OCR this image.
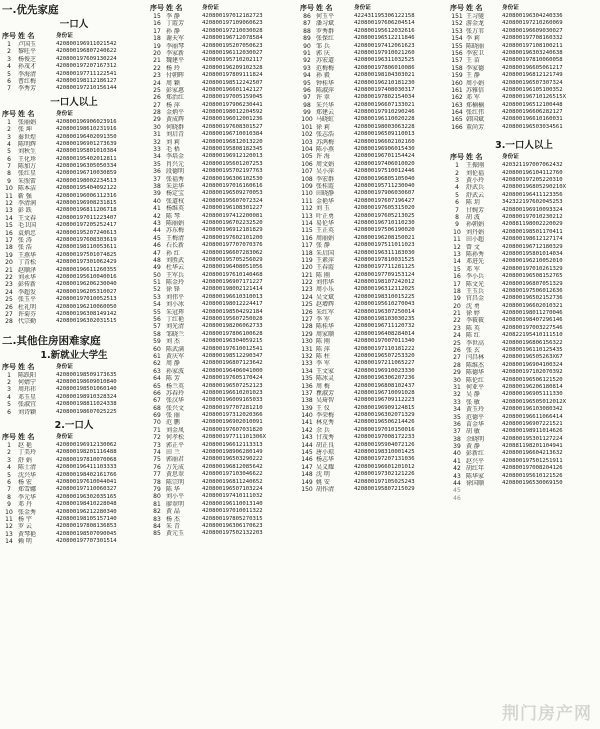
一.优先家庭
一口人
序号 姓 名	身份证
1	卢国玉	420800196911021542
2	黎旺平	420800196807240622
3	杨俊芝	420800197609130224
4	孙茂才	420800197207167312
5	李海清	420800197711122541
6	曹红梅	420800198112186127
7	李秀芳	420800197210156144
一口人以上
序号 姓 名	身份证
1	张丽娟	420800196906023916
2	张 坤	420800198610231916
3	秦世煌	420800196402091350
4	陈明辉	420800196901273639
5	刘秋生	420800195801010384
6	王化珍	420800195402012811
7	陈加万	420800196305050334
8	张红星	420800196710030859
9	朱照雷	420800198002234513
10 陈本洁	420800195404092122
11 靳 强	420800196006112316
12 李清润	420800196908231815
13 彭 跃	420800196811206718
14 王文春	420800197011223407
15 毛卫国	420800197205252417
16 袁炳忠	420800195207240613
17 张 涛	420800197608303619
18 张 浩	420800198110053611
19 王燕华	420800197501074825
20 丁青松	420800197301062429
21 赵顺泽	420800196611260355
22 刘永华	420800195610040016
23 彭传新	420800196206230040
24 李超发	420800196205310027
25 张玉平	420800197010052513
26 杜礼明	420800196210060050
27 许菊芬	420800196308149142
28 代宗勤	420800196302031515
二.其他住房困难家庭
1.新就业大学生
序号 姓 名	身份证
1	陈跃阳	420800198509173635
2	何婧宁	420800198609010840
3	周玮祎	420800198501060140
4	邓玉星	420800198910328324
5	张淑宜	420800198811024338
6	刘诗颖	420800198607025225
2.一口人
序号 姓 名	身份证
1	赵 艳	420800196912130062
2	丁美玲	420800198201116488
3	舒 娟	420800197810070068
4	陈士清	420800196411103333
5	沈兴华	420800198402161766
6	杨 宏	420800197610044041
7	郑雪娜	420800197110060327
8	李元华	420800196302035165
9	邓 丹	420800198410228048
10 张金秀	420800196212280340
11 杨 宇	420800198105157140
12 罗 云	420800197808136853
13 黄琴艳	420800198507090045
14 赖 明	420800197707301514
序号 姓 名	身份证
15 李 静	420800197012182723
16 丁霞芳	420800197109060623
17 孙 静	420800197210030028
18 谢天军	420800196712078584
19 李丽琴	420800195207050623
20 李家新	420800196112030027
21 魏建平	420800195710202117
22 杨 玲	420800196209102328
23 付朝晖	420800197809111824
24 周 颖	420800198512242507
25 彭家惠	420800196601142127
26 郑治红	420800197005159045
27 杨 萍	420800197906230441
28 金炳平	420800198012204592
29 黄成辉	420800196012001236
30 何晓群	420800197608301527
31 刘启青	420800196710010384
32 刘 莉	420800196812013220
33 毛 梧	420800195808182345
34 李培金	420800196912120013
35 肖兴元	420800195601207253
36 段德明	420800195702197763
37 张福秀	420800196306102530
38 朱运华	420800197016160616
39 杨定宝	420800196509270053
40 张道权	420800195607072324
41 杨维英	420800196108301227
42 陈 琴	420800197412200081
43 陈丽娟	420800196702232520
44 苏东梅	420800196912181829
45 王梅清	420800197602101200
46 石长新	420800197707070376
47 孙 红	420800196607283062
48 刘胜武	420800195705256029
49 杜华云	420800196408051056
50 王军兵	420800197610140468
51 陈金玲	420800196907171227
52 徐 锋	420800198002121414
53 刘伟平	420800196610310013
54 刘小冰	420800198012224417
55 朱冠珲	420800198504292184
56 丁红艳	420800195607250028
57 刘光清	420800198206062733
58 邹晓兰	420800197806100628
59 刘 杰	420800196304059215
60 陈武满	420800197610012541
61 黄庆军	420800198512290347
62 周 静	420800196807123642
63 孙家波	420800196406041000
64 陈 芳	420800197605170424
65 杨兰英	420800196507252123
66 苏春玲	420800196610201023
67 张汉华	420800196009165033
68 张兴文	420800197707281210
69 张 丽	420800197312020366
70 范 鹏	420800196902010091
71 刘金凤	420800197607031820
72 何孝松	420800197711101306X
73 郭正平	420800196612113313
74 田 兰	420800198906280149
75 郭丽君	420800196503290222
76 万先成	420800196812085642
77 黄思翠	420800197103046622
78 陈宗明	420800196811240652
79 陈 华	420800196507103224
80 刘小平	420800197410111032
81 廖翠明	420800196110013140
82 黄 晶	420800197010011322
83 杨 杰	420800197805270315
84 朱 青	420800196306170623
85 黄元玉	420800197502132203
序号 姓 名	身份证
86 何玉平	422431195306122158
87 潘习斌	420800197606204514
88 罗秀群	420800195612032616
89 张保红	420800196512211846
90 邹 兵	420800197412061623
91 郭 庆	420800197910021260
92 苏宏道	420800196311032525
93 范梅梅	420800197806010086
94 孙 毅	420800198104303021
95 钟桂华	420800196210181230
96 陈淑萍	420800197408030317
97 许 翠	420800197802154034
98 朱兴华	420800196607133021
99 郑建云	420800197910290246
100 马晓虹	420800196110020228
101 徐 莉	420800198003063228
102 张志浩	420800196509110013
103 苏鸿梅	420800196602102160
104 陈小燕	420800196906015430
105 许 海	420800196701154424
106 周文娟	420800197406010020
107 吴小萍	420800197510012446
108 李宏群	420800196805105040
109 张桂霞	420800195711230040
110 田晓静	420800197906030607
111 金艳华	420800197607196427
112 刘 玉	420800197605315020
113 叶正勇	420800197605213025
114 易伦华	420800196710110230
115 王正英	420800197506190020
116 周丽娟	420800196208150021
117 张 静	420800197511011023
118 朱启国	420800196311183030
119 王素萍	420800197810031525
120 王春霞	420800197711281125
121 陈 刚	420800197709153124
122 刘伟华	420800198107242012
123 周小乐	420800196312112025
124 吴文斌	420800198310015225
125 赵增辉	420800195610270043
126 朱红军	420800196307250014
127 李 军	420800198103030235
128 陈桂华	420800196711120732
129 周家顺	420800196408284014
130 陈 刚	420800197007011340
131 陈 萍	420800197110181222
132 陈 柱	420800196507253320
133 李 军	420800197211065227
134 王文家	420800196910023330
135 陈冰灵	420800196306207236
136 周 梅	420800196808102437
137 瞿淑芳	420800196710091028
138 吴琦智	420800196709112223
139 王 仪	420800196909124815
140 李荣梅	420800196302071329
141 林克秀	420800196506214426
142 余 兵	420800197010150016
143 甘茂秀	420800197008172233
144 胡正良	420800195904072126
145 唐小琼	420800198310001425
146 杨志华	420800197207131036
147 吴义耀	420800196601201012
148 沈 明	420800197302121226
149 姚 安	420800197105025243
150 胡作清	420800195807215029
序号 姓 名	身份证
151 王习驰	420800196304240336
152 游金龙	420800197210260069
153 张万苇	420800196609030027
154 李 莉	420800197708160332
155 陈晓丽	420800197108100211
156 李宏卫	420800196303240638
157 王 苗	420800197810060058
158 李家德	420800196605061217
159 王 静	420800196812121749
160 周小娟	420800196507307324
161 苏雅信	420800196105100352
162 邓 军	420800196710126515X
163 郑楠楠	420800196512100448
164 张红伟	420800196606282127
165 韩国斌	420800196610160031
166 董尚芳	420800196503034561
3.一口人以上
序号 姓 名	身份证
1	王振刚	420321197007062432
2	刘伦福	420800196104112760
3	黄小玲	420800197205220310
4	舒武兵	420800196805290210X
5	舒武云	420800196411123356
6	陈 玥	342322197602045253
7	甘婉芳	420800196910093324
8	胡 波	420800197010230212
9	孙朝娟	420881198002220029
10 刘丹娟	420800198501170411
11 田小超	420800198612127174
12 曾 文	420800196712180329
13 陈孙秀	420800195801014034
14 邓进先	420800196210052010
15 邓 军	420800197010261329
16 李小兵	420800196508152765
17 陈文光	420800196807051329
18 王玉兵	420800197506012636
19 官昌金	420800196502152736
20 沈 勇	420800196602010321
21 徐 婷	420800198011270046
22 李筱筱	420800198407296146
23 陈 英	420800197003227546
24 陈 红	420822195410111510
25 李世高	420800196806156322
26 张 玄	420800196110125435
27 闫昌林	420800196505263X67
28 陈维杰	420800196904100324
29 陈德华	420800197102070392
30 陈伦红	420800196506121520
31 何亚平	420800196206180814
32 吴 静	420800196905111330
33 张 敏	420800196505012012X
34 黄玉玲	420800196103080342
35 范德平	420800196611066414
36 苗金华	420800196907221521
37 胡 敏	420800198911014626
38 余晓明	420800195301127224
39 黄 静	420881198201104941
40 彭新红	420800196604213632
41 赵兴平	420800197501251911
42 胡红年	420800197008204126
43 陈华家	420800195610121526
44 徐国顺	420800196530069150
45
46
荆门房产网
